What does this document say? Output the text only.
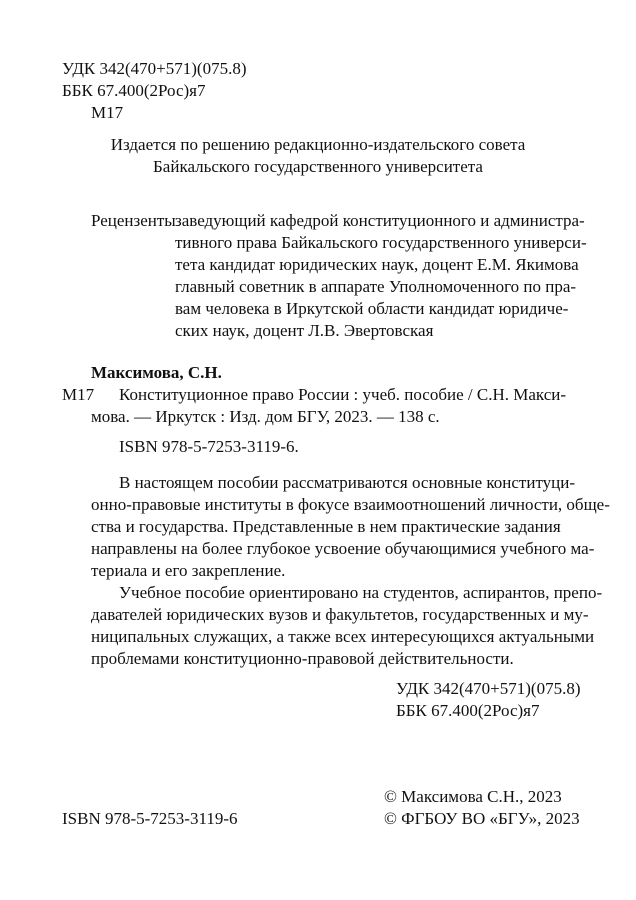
УДК 342(470+571)(075.8)
ББК 67.400(2Рос)я7
М17
Издается по решению редакционно-издательского совета
Байкальского государственного университета
Рецензенты заведующий кафедрой конституционного и администра-
тивного права Байкальского государственного универси-
тета кандидат юридических наук, доцент Е.М. Якимова
главный советник в аппарате Уполномоченного по пра-
вам человека в Иркутской области кандидат юридиче-
ских наук, доцент Л.В. Эвертовская
Максимова, С.Н.
М17 Конституционное право России : учеб. пособие / С.Н. Макси-
мова. — Иркутск : Изд. дом БГУ, 2023. — 138 с.
ISBN 978-5-7253-3119-6.
В настоящем пособии рассматриваются основные конституци-
онно-правовые институты в фокусе взаимоотношений личности, обще-
ства и государства. Представленные в нем практические задания
направлены на более глубокое усвоение обучающимися учебного ма-
териала и его закрепление.
Учебное пособие ориентировано на студентов, аспирантов, препо-
давателей юридических вузов и факультетов, государственных и му-
ниципальных служащих, а также всех интересующихся актуальными
проблемами конституционно-правовой действительности.
УДК 342(470+571)(075.8)
ББК 67.400(2Рос)я7
© Максимова С.Н., 2023
ISBN 978-5-7253-3119-6	© ФГБОУ ВО «БГУ», 2023
